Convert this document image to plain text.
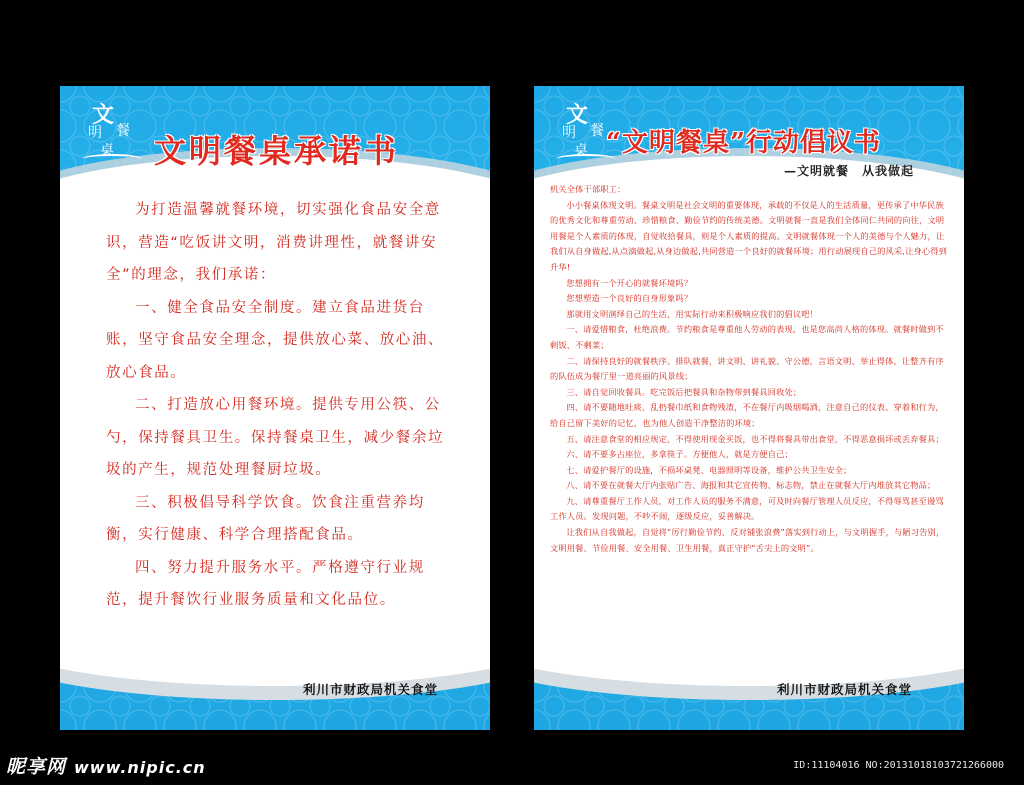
文
明 餐
桌 文明餐桌承诺书

为打造温馨就餐环境，切实强化食品安全意识，营造“吃饭讲文明，消费讲理性，就餐讲安全”的理念，我们承诺：

一、健全食品安全制度。建立食品进货台账，坚守食品安全理念，提供放心菜、放心油、放心食品。

二、打造放心用餐环境。提供专用公筷、公勺，保持餐具卫生。保持餐桌卫生，减少餐余垃圾的产生，规范处理餐厨垃圾。

三、积极倡导科学饮食。饮食注重营养均衡，实行健康、科学合理搭配食品。

四、努力提升服务水平。严格遵守行业规范，提升餐饮行业服务质量和文化品位。

利川市财政局机关食堂
文
明 餐
桌 “文明餐桌”行动倡议书
—文明就餐　从我做起

机关全体干部职工：

小小餐桌体现文明。餐桌文明是社会文明的重要体现，承载的不仅是人的生活质量，更传承了中华民族的优秀文化和尊重劳动、珍惜粮食、勤俭节约的传统美德。文明就餐一直是我们全体同仁共同的向往，文明用餐是个人素质的体现，自觉收拾餐具，则是个人素质的提高。文明就餐体现一个人的美德与个人魅力，让我们从自身做起,从点滴做起,从身边做起,共同营造一个良好的就餐环境；用行动展现自己的风采,让身心得到升华!

您想拥有一个开心的就餐环境吗？

您想塑造一个良好的自身形象吗？

那就用文明演绎自己的生活，用实际行动来积极响应我们的倡议吧！

一、请爱惜粮食，杜绝浪费。节约粮食是尊重他人劳动的表现，也是您高尚人格的体现。就餐时做到不剩饭、不剩菜；

二、请保持良好的就餐秩序。排队就餐，讲文明、讲礼貌、守公德，言语文明、举止得体，让整齐有序的队伍成为餐厅里一道亮丽的风景线；

三、请自觉回收餐具。吃完饭后把餐具和杂物带到餐具回收处；

四、请不要随地吐痰、乱扔餐巾纸和食物残渣，不在餐厅内吸烟喝酒，注意自己的仪表、穿着和行为，给自己留下美好的记忆，也为他人创造干净整洁的环境；

五、请注意食堂的相应规定，不得使用现金买饭，也不得将餐具带出食堂，不得恶意损坏或丢弃餐具；

六、请不要多占座位，多拿筷子。方便他人，就是方便自己；

七、请爱护餐厅的设施，不损坏桌凳、电器照明等设备，维护公共卫生安全；

八、请不要在就餐大厅内张贴广告、海报和其它宣传物、标志物，禁止在就餐大厅内堆放其它物品；

九、请尊重餐厅工作人员，对工作人员的服务不满意，可及时向餐厅管理人员反应，不得辱骂甚至谩骂工作人员。发现问题，不吵不闹，逐级反应，妥善解决。

让我们从自我做起，自觉将“厉行勤俭节约、反对铺张浪费”落实到行动上，与文明握手，与陋习告别，文明用餐、节俭用餐、安全用餐、卫生用餐，真正守护“舌尖上的文明”。

利川市财政局机关食堂
昵享网 www.nipic.cn	ID:11104016 NO:20131018103721266000
